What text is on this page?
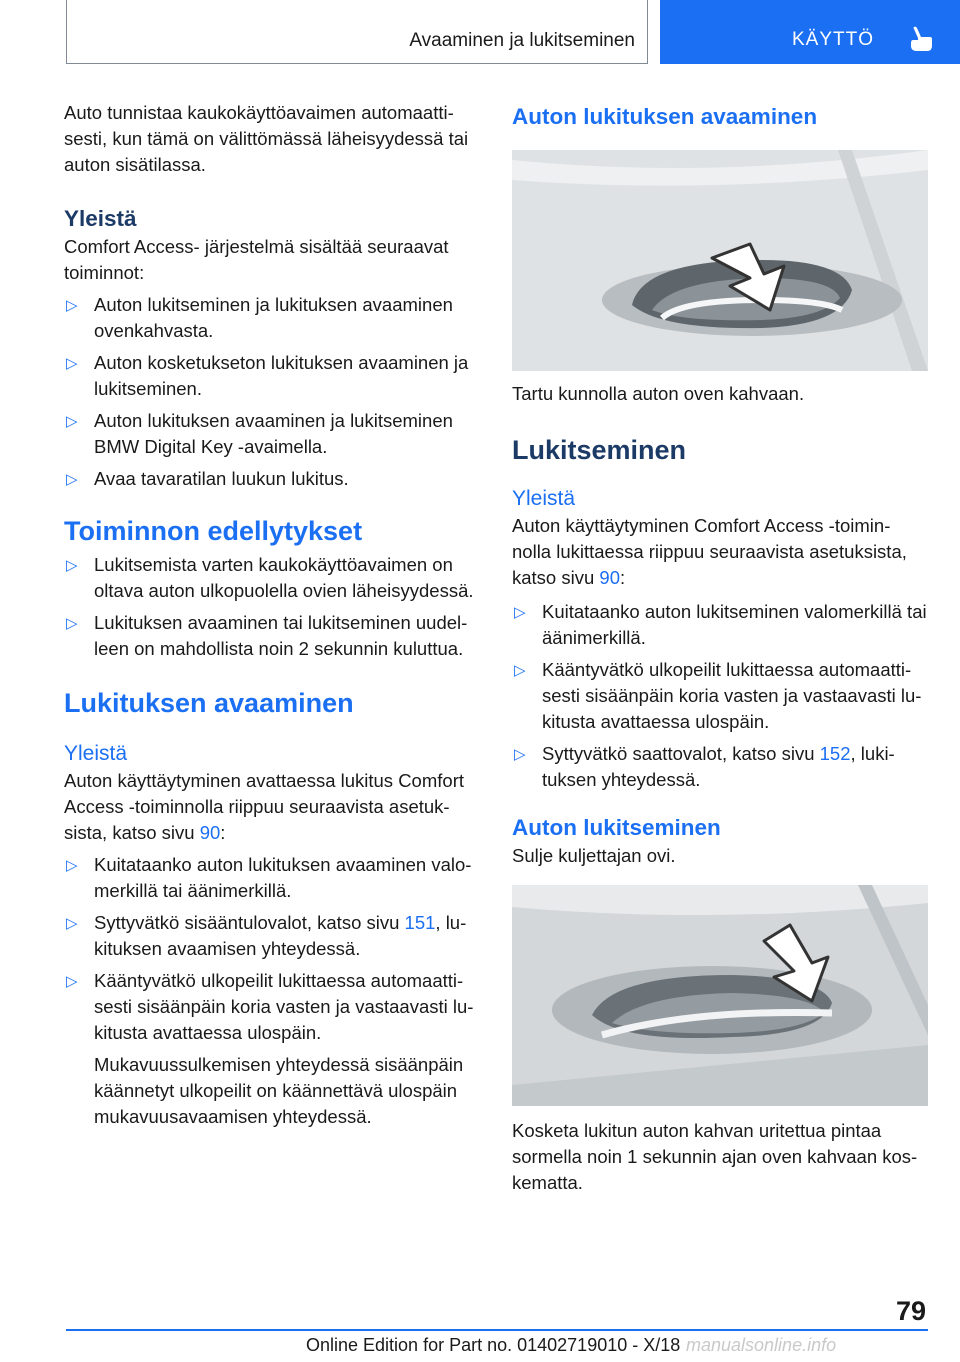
Avaaminen ja lukitseminen	KÄYTTÖ

Auto tunnistaa kaukokäyttöavaimen automaatti-sesti, kun tämä on välittömässä läheisyydessä tai auton sisätilassa.

Yleistä

Comfort Access- järjestelmä sisältää seuraavat toiminnot:

▷ Auton lukitseminen ja lukituksen avaaminen ovenkahvasta.
▷ Auton kosketukseton lukituksen avaaminen ja lukitseminen.
▷ Auton lukituksen avaaminen ja lukitseminen BMW Digital Key -avaimella.
▷ Avaa tavaratilan luukun lukitus.
Toiminnon edellytykset
▷ Lukitsemista varten kaukokäyttöavaimen on oltava auton ulkopuolella ovien läheisyydessä.
▷ Lukituksen avaaminen tai lukitseminen uudel-leen on mahdollista noin 2 sekunnin kuluttua.
Lukituksen avaaminen
Yleistä

Auton käyttäytyminen avattaessa lukitus Comfort Access -toiminnolla riippuu seuraavista asetuk-sista, katso sivu 90:

▷ Kuitataanko auton lukituksen avaaminen valo-merkillä tai äänimerkillä.
▷ Syttyvätkö sisääntulovalot, katso sivu 151, lu-kituksen avaamisen yhteydessä.
▷ Kääntyvätkö ulkopeilit lukittaessa automaatti-sesti sisäänpäin koria vasten ja vastaavasti lu-kitusta avattaessa ulospäin.
Mukavuussulkemisen yhteydessä sisäänpäin käännetyt ulkopeilit on käännettävä ulospäin mukavuusavaamisen yhteydessä.
Auton lukituksen avaaminen

Tartu kunnolla auton oven kahvaan.

Lukitseminen
Yleistä

Auton käyttäytyminen Comfort Access -toimin-nolla lukittaessa riippuu seuraavista asetuksista, katso sivu 90:

▷ Kuitataanko auton lukitseminen valomerkillä tai äänimerkillä.
▷ Kääntyvätkö ulkopeilit lukittaessa automaatti-sesti sisäänpäin koria vasten ja vastaavasti lu-kitusta avattaessa ulospäin.
▷ Syttyvätkö saattovalot, katso sivu 152, luki-tuksen yhteydessä.
Auton lukitseminen

Sulje kuljettajan ovi.

Kosketa lukitun auton kahvan uritettua pintaa sormella noin 1 sekunnin ajan oven kahvaan kos-kematta.

79
Online Edition for Part no. 01402719010 - X/18 manualsonline.info
